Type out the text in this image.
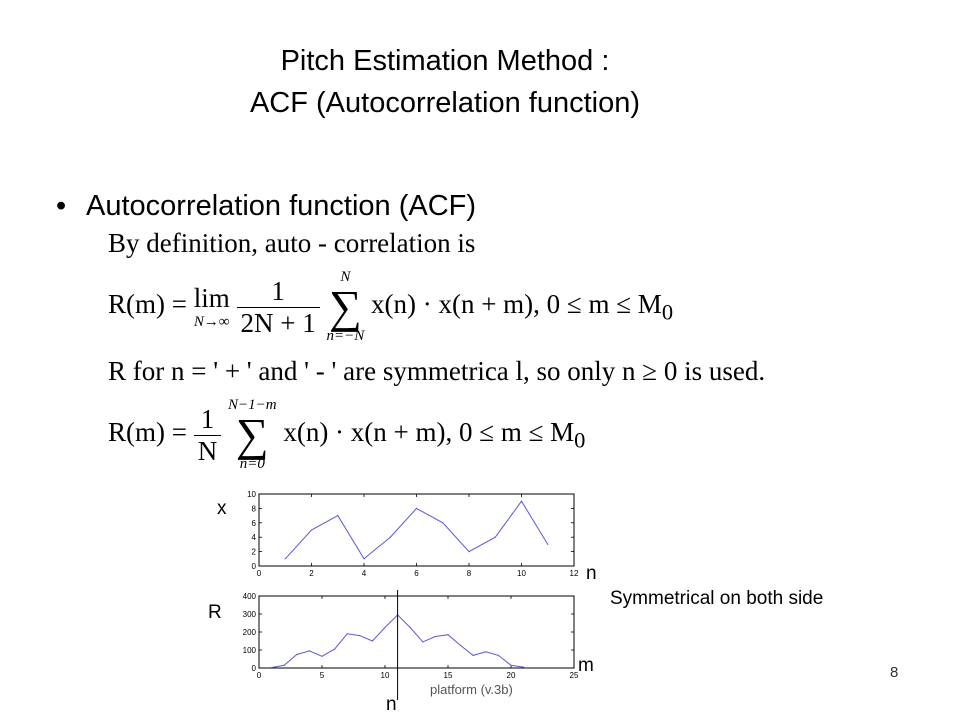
Pitch Estimation Method :
ACF (Autocorrelation function)
• Autocorrelation function (ACF)
By definition, auto - correlation is
R(m) = lim
N→∞
$\frac{1}{2N + 1}$
	N
∑
n=−N
x(n) · x(n + m), $0 \le m \le M_0$
R for n = ' + ' and ' - ' are symmetrica l, so only n ≥ 0 is used.
$R(m) = \frac{1}{N}$
N−1−m
∑
n=0
x(n) · x(n + m), $0 \le m \le M_0$
0	2	4	6	8	10	12
0
2
4
6
8
10
0	5	10	15	20	25
0
100
200
300
400
x
n
R
m
n
Symmetrical on both side
platform (v.3b)
8
